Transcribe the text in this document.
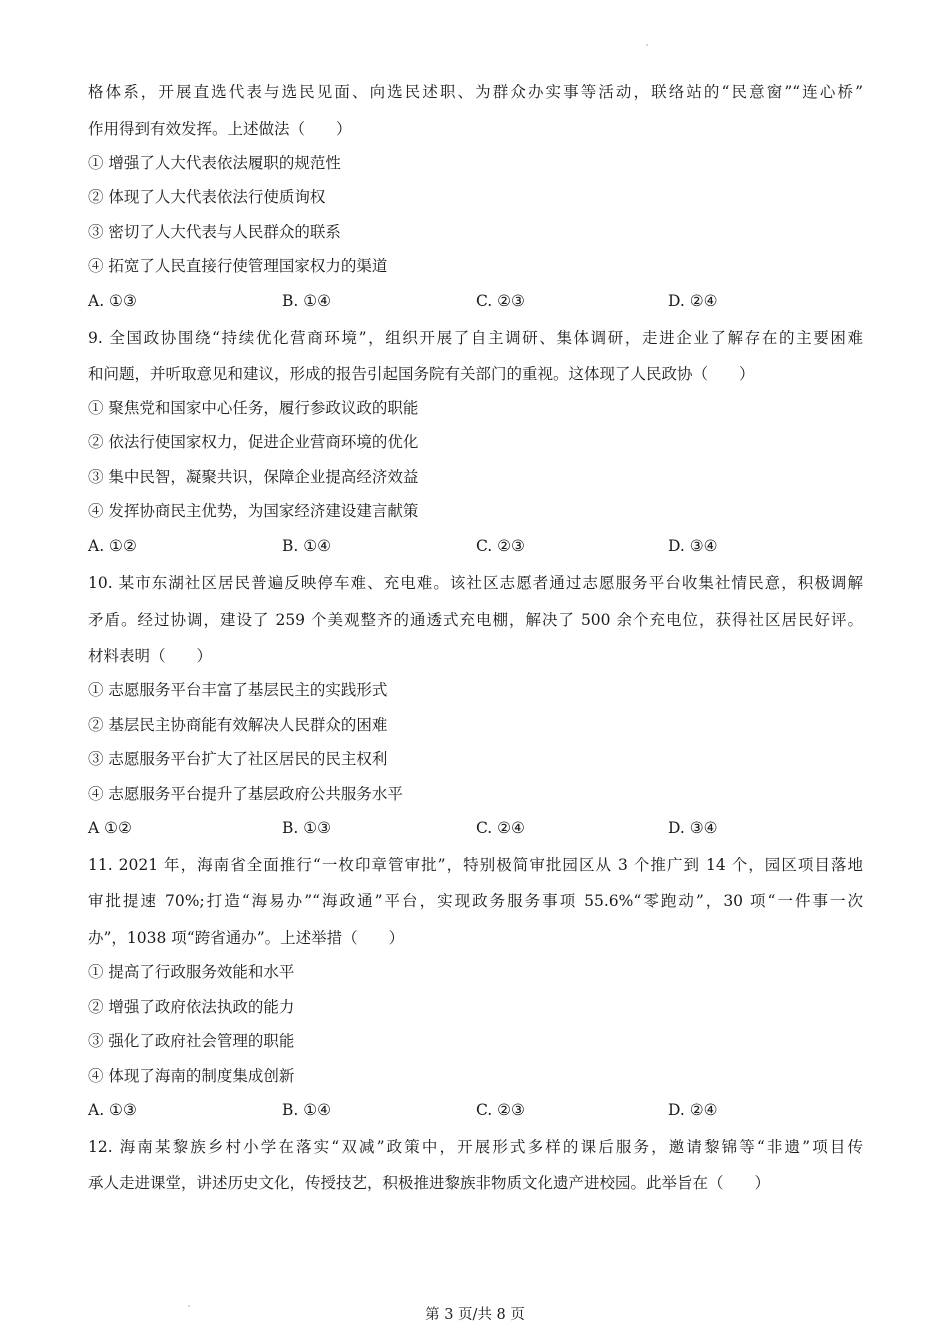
格体系，开展直选代表与选民见面、向选民述职、为群众办实事等活动，联络站的“民意窗”“连心桥”
作用得到有效发挥。上述做法（　　）
① 增强了人大代表依法履职的规范性
② 体现了人大代表依法行使质询权
③ 密切了人大代表与人民群众的联系
④ 拓宽了人民直接行使管理国家权力的渠道
A. ①③	B. ①④	C. ②③	D. ②④
9. 全国政协围绕“持续优化营商环境”，组织开展了自主调研、集体调研，走进企业了解存在的主要困难
和问题，并听取意见和建议，形成的报告引起国务院有关部门的重视。这体现了人民政协（　　）
① 聚焦党和国家中心任务，履行参政议政的职能
② 依法行使国家权力，促进企业营商环境的优化
③ 集中民智，凝聚共识，保障企业提高经济效益
④ 发挥协商民主优势，为国家经济建设建言献策
A. ①②	B. ①④	C. ②③	D. ③④
10. 某市东湖社区居民普遍反映停车难、充电难。该社区志愿者通过志愿服务平台收集社情民意，积极调解
矛盾。经过协调，建设了 259 个美观整齐的通透式充电棚，解决了 500 余个充电位，获得社区居民好评。
材料表明（　　）
① 志愿服务平台丰富了基层民主的实践形式
② 基层民主协商能有效解决人民群众的困难
③ 志愿服务平台扩大了社区居民的民主权利
④ 志愿服务平台提升了基层政府公共服务水平
A ①②	B. ①③	C. ②④	D. ③④
11. 2021 年，海南省全面推行“一枚印章管审批”，特别极简审批园区从 3 个推广到 14 个，园区项目落地
审批提速 70%;打造“海易办”“海政通”平台，实现政务服务事项 55.6%“零跑动”，30 项“一件事一次
办”，1038 项“跨省通办”。上述举措（　　）
① 提高了行政服务效能和水平
② 增强了政府依法执政的能力
③ 强化了政府社会管理的职能
④ 体现了海南的制度集成创新
A. ①③	B. ①④	C. ②③	D. ②④
12. 海南某黎族乡村小学在落实“双减”政策中，开展形式多样的课后服务，邀请黎锦等“非遗”项目传
承人走进课堂，讲述历史文化，传授技艺，积极推进黎族非物质文化遗产进校园。此举旨在（　　）
第 3 页/共 8 页
